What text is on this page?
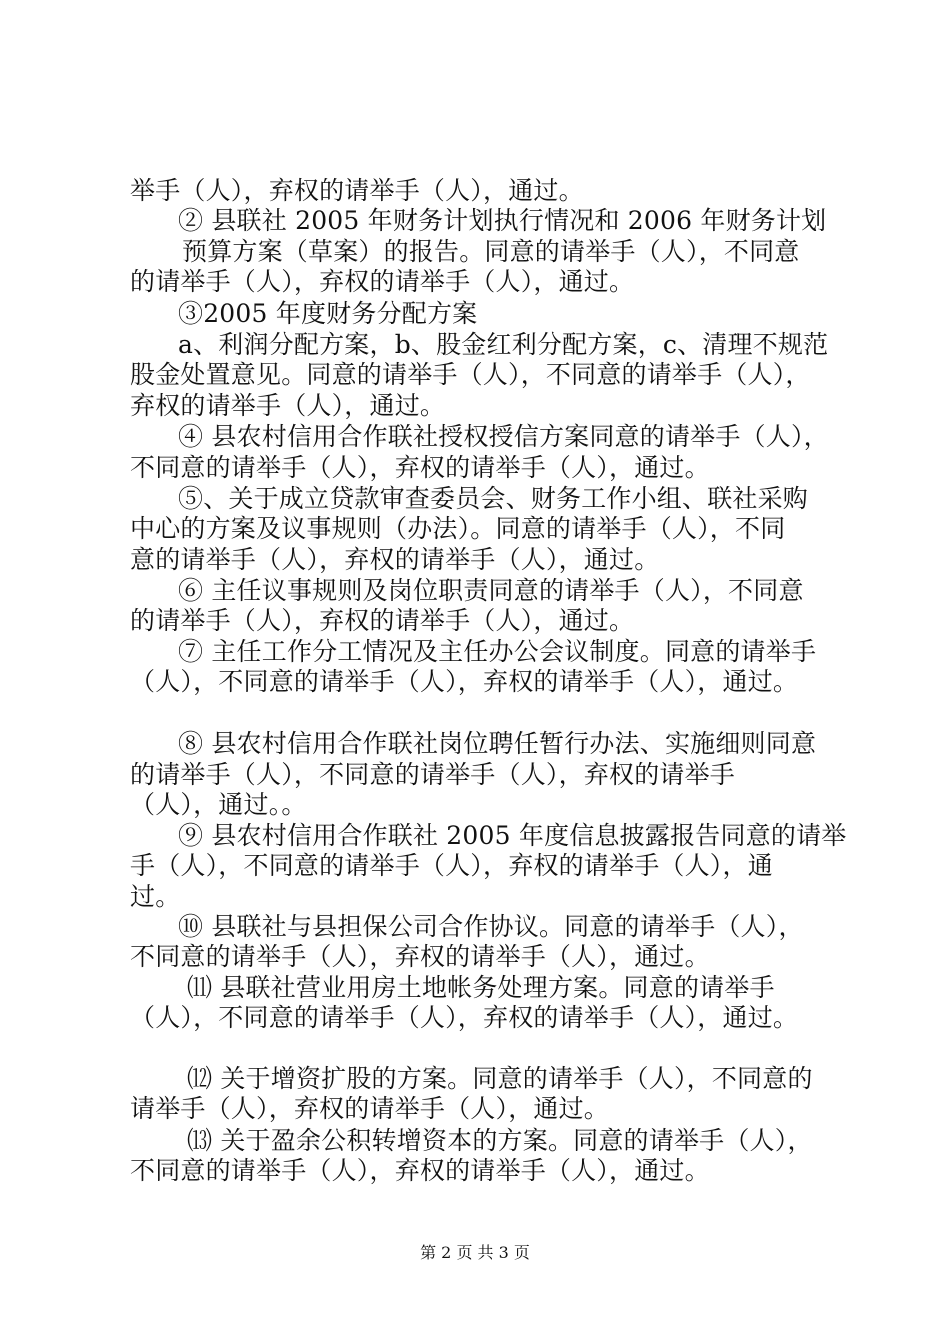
举手（人），弃权的请举手（人），通过。
② 县联社 2005 年财务计划执行情况和 2006 年财务计划
预算方案（草案）的报告。同意的请举手（人），不同意
的请举手（人），弃权的请举手（人），通过。
③2005 年度财务分配方案
a、利润分配方案，b、股金红利分配方案，c、清理不规范
股金处置意见。同意的请举手（人），不同意的请举手（人），
弃权的请举手（人），通过。
④ 县农村信用合作联社授权授信方案同意的请举手（人），
不同意的请举手（人），弃权的请举手（人），通过。
⑤、关于成立贷款审查委员会、财务工作小组、联社采购
中心的方案及议事规则（办法）。同意的请举手（人），不同
意的请举手（人），弃权的请举手（人），通过。
⑥ 主任议事规则及岗位职责同意的请举手（人），不同意
的请举手（人），弃权的请举手（人），通过。
⑦ 主任工作分工情况及主任办公会议制度。同意的请举手
（人），不同意的请举手（人），弃权的请举手（人），通过。
⑧ 县农村信用合作联社岗位聘任暂行办法、实施细则同意
的请举手（人），不同意的请举手（人），弃权的请举手
（人），通过。。
⑨ 县农村信用合作联社 2005 年度信息披露报告同意的请举
手（人），不同意的请举手（人），弃权的请举手（人），通
过。
⑩ 县联社与县担保公司合作协议。同意的请举手（人），
不同意的请举手（人），弃权的请举手（人），通过。
⑾ 县联社营业用房土地帐务处理方案。同意的请举手
（人），不同意的请举手（人），弃权的请举手（人），通过。
⑿ 关于增资扩股的方案。同意的请举手（人），不同意的
请举手（人），弃权的请举手（人），通过。
⒀ 关于盈余公积转增资本的方案。同意的请举手（人），
不同意的请举手（人），弃权的请举手（人），通过。
第 2 页 共 3 页
